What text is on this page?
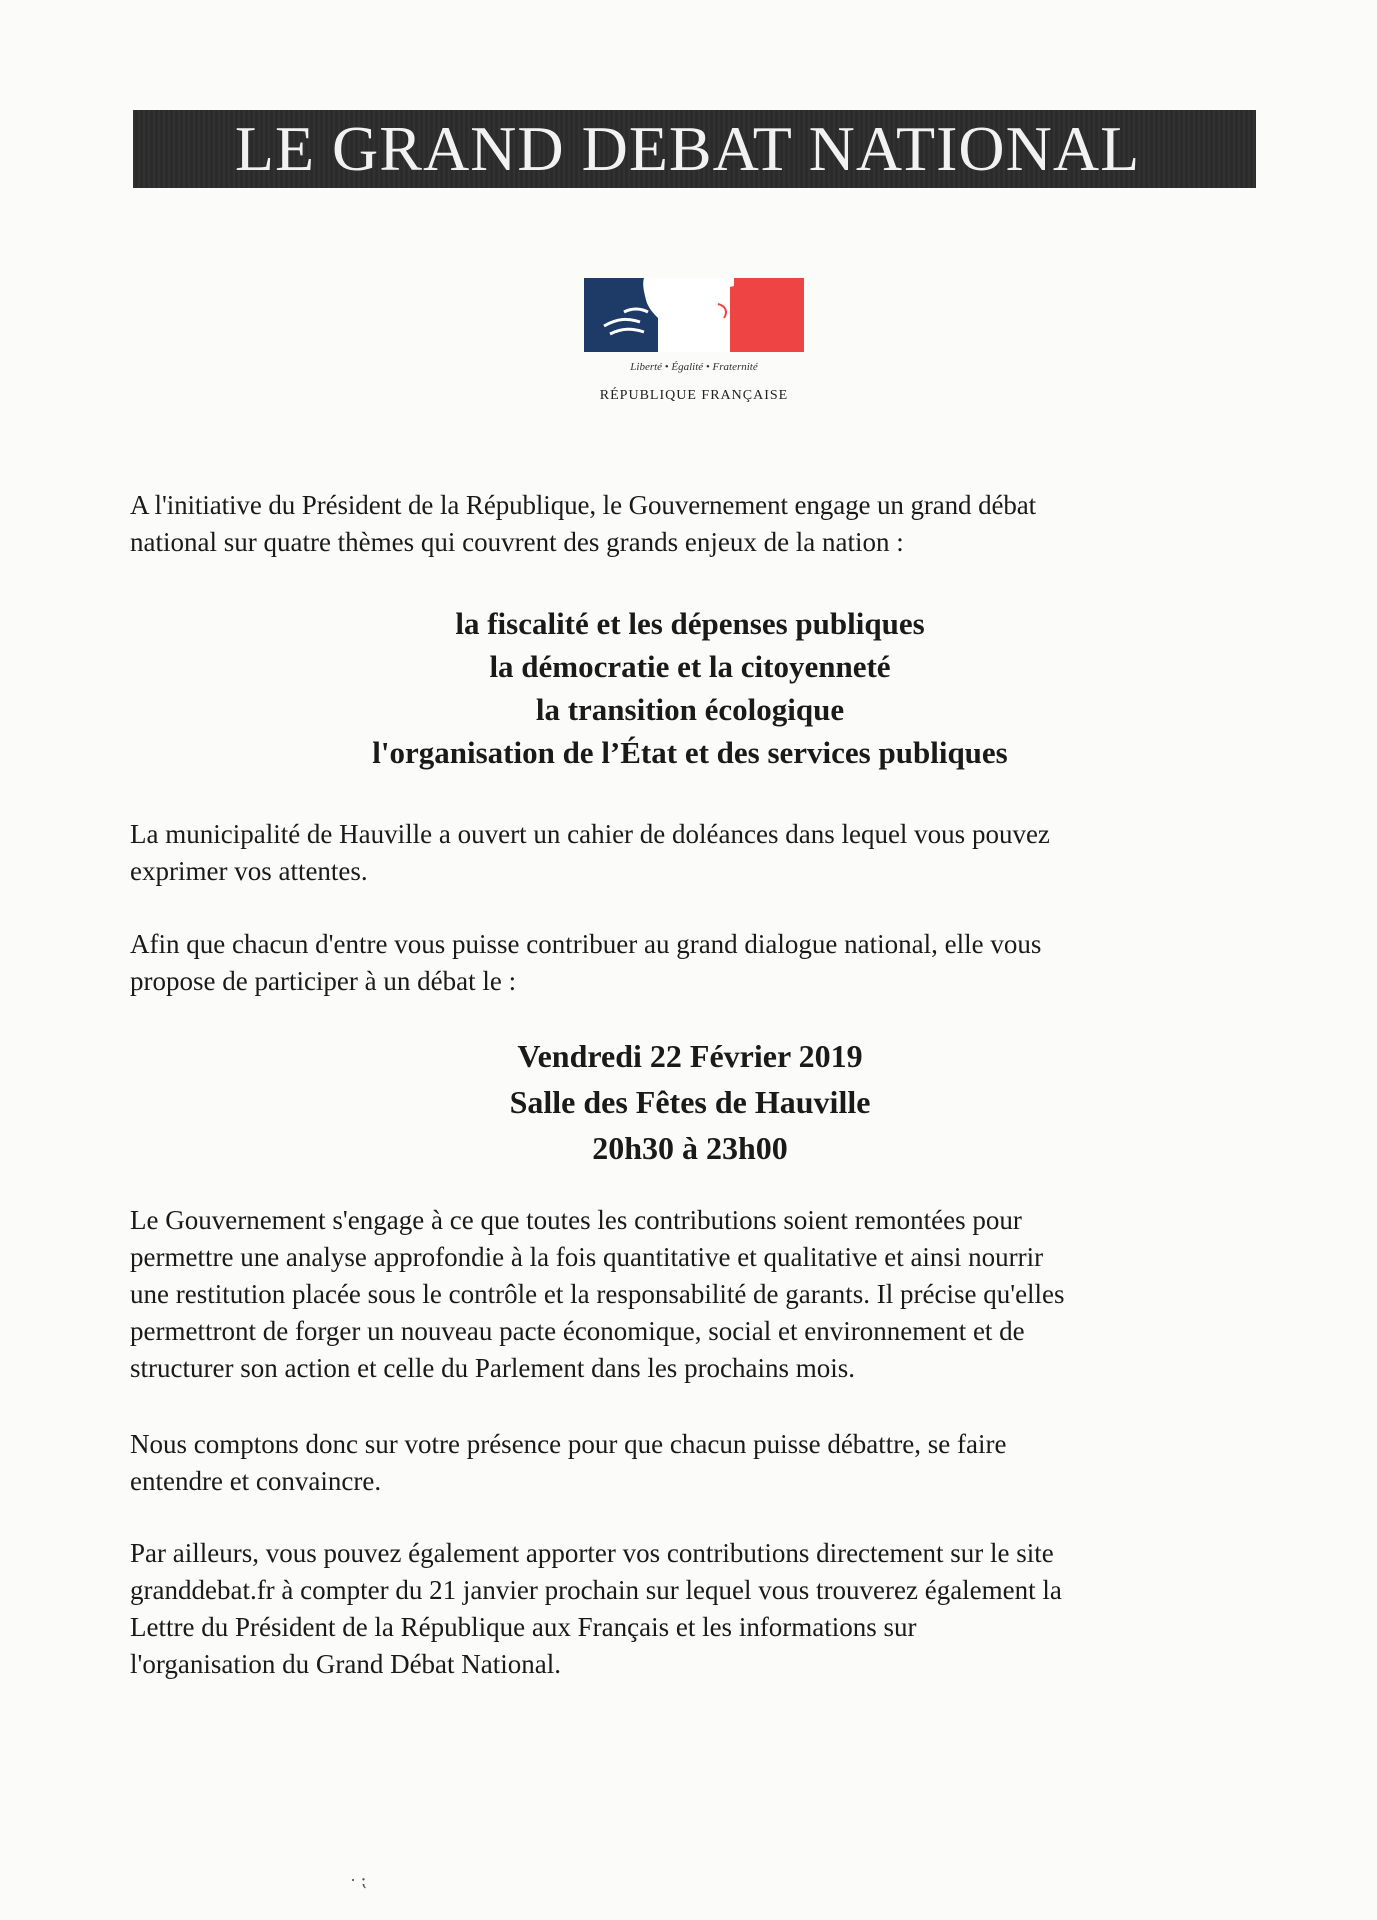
LE GRAND DEBAT NATIONAL
Liberté • Égalité • Fraternité
RÉPUBLIQUE FRANÇAISE
A l'initiative du Président de la République, le Gouvernement engage un grand débat
national sur quatre thèmes qui couvrent des grands enjeux de la nation :
la fiscalité et les dépenses publiques
la démocratie et la citoyenneté
la transition écologique
l'organisation de l’État et des services publiques
La municipalité de Hauville a ouvert un cahier de doléances dans lequel vous pouvez
exprimer vos attentes.
Afin que chacun d'entre vous puisse contribuer au grand dialogue national, elle vous
propose de participer à un débat le :
Vendredi 22 Février 2019
Salle des Fêtes de Hauville
20h30 à 23h00
Le Gouvernement s'engage à ce que toutes les contributions soient remontées pour
permettre une analyse approfondie à la fois quantitative et qualitative et ainsi nourrir
une restitution placée sous le contrôle et la responsabilité de garants. Il précise qu'elles
permettront de forger un nouveau pacte économique, social et environnement et de
structurer son action et celle du Parlement dans les prochains mois.
Nous comptons donc sur votre présence pour que chacun puisse débattre, se faire
entendre et convaincre.
Par ailleurs, vous pouvez également apporter vos contributions directement sur le site
granddebat.fr à compter du 21 janvier prochain sur lequel vous trouverez également la
Lettre du Président de la République aux Français et les informations sur
l'organisation du Grand Débat National.
· ⁏
